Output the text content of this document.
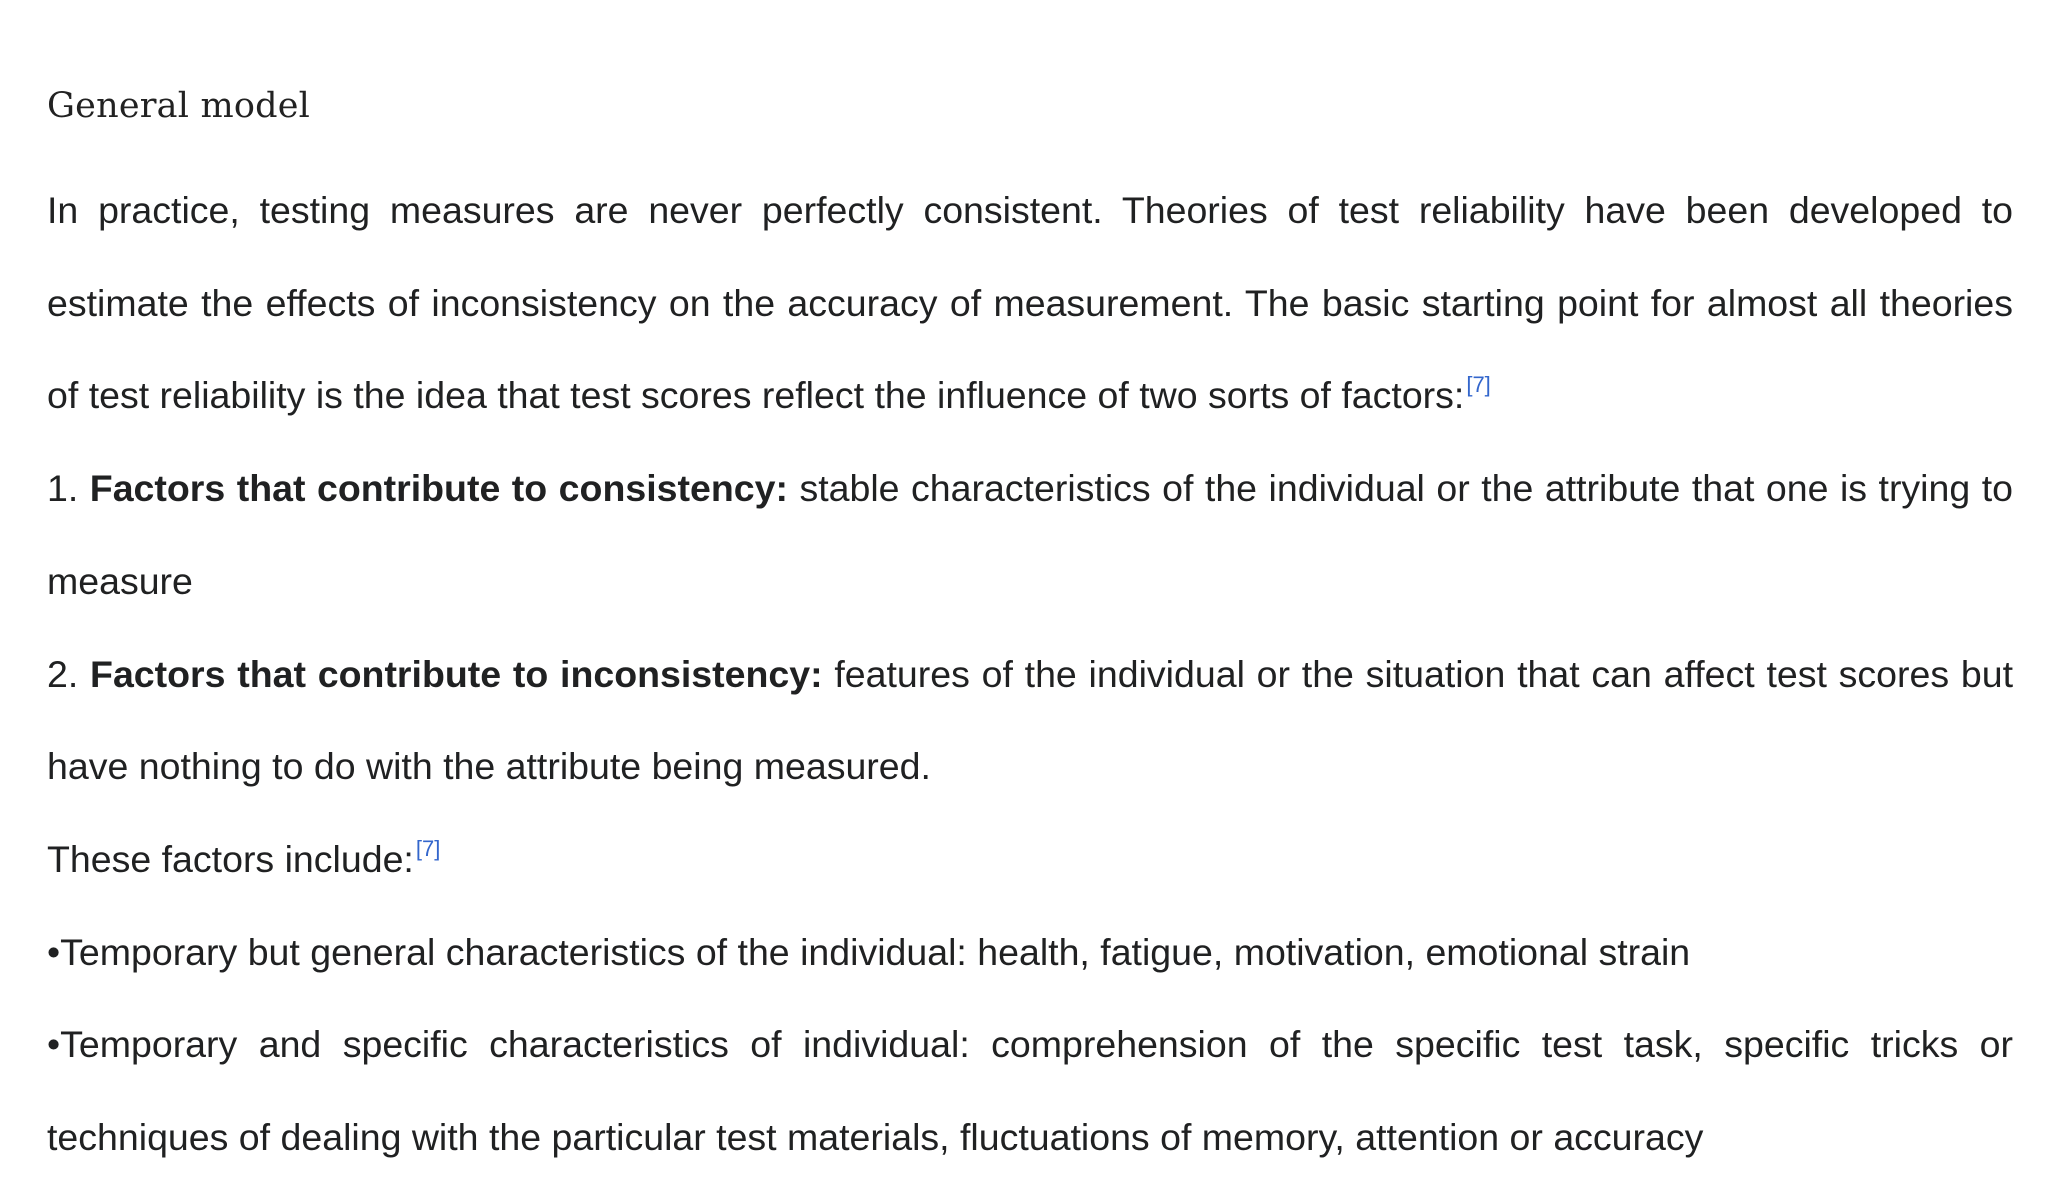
General model

In practice, testing measures are never perfectly consistent. Theories of test reliability have been developed to estimate the effects of inconsistency on the accuracy of measurement. The basic starting point for almost all theories of test reliability is the idea that test scores reflect the influence of two sorts of factors:[7]

1. Factors that contribute to consistency: stable characteristics of the individual or the attribute that one is trying to measure

2. Factors that contribute to inconsistency: features of the individual or the situation that can affect test scores but have nothing to do with the attribute being measured.

These factors include:[7]

•Temporary but general characteristics of the individual: health, fatigue, motivation, emotional strain

•Temporary and specific characteristics of individual: comprehension of the specific test task, specific tricks or techniques of dealing with the particular test materials, fluctuations of memory, attention or accuracy
